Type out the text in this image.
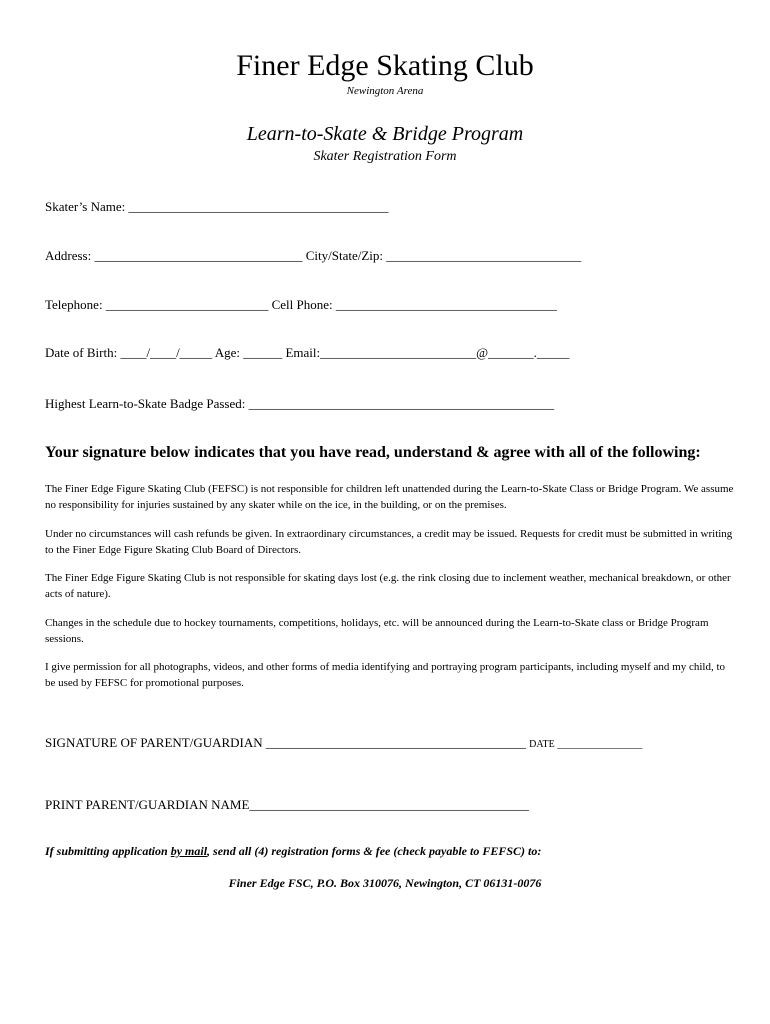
Finer Edge Skating Club
Newington Arena
Learn-to-Skate & Bridge Program
Skater Registration Form
Skater’s Name: ________________________________________
Address: ________________________________ City/State/Zip: ______________________________
Telephone: _________________________ Cell Phone: __________________________________
Date of Birth: ____/____/_____ Age: ______ Email:________________________@_______._____
Highest Learn-to-Skate Badge Passed: _______________________________________________
Your signature below indicates that you have read, understand & agree with all of the following:
The Finer Edge Figure Skating Club (FEFSC) is not responsible for children left unattended during the Learn-to-Skate Class or Bridge Program. We assume no responsibility for injuries sustained by any skater while on the ice, in the building, or on the premises.
Under no circumstances will cash refunds be given. In extraordinary circumstances, a credit may be issued. Requests for credit must be submitted in writing to the Finer Edge Figure Skating Club Board of Directors.
The Finer Edge Figure Skating Club is not responsible for skating days lost (e.g. the rink closing due to inclement weather, mechanical breakdown, or other acts of nature).
Changes in the schedule due to hockey tournaments, competitions, holidays, etc. will be announced during the Learn-to-Skate class or Bridge Program sessions.
I give permission for all photographs, videos, and other forms of media identifying and portraying program participants, including myself and my child, to be used by FEFSC for promotional purposes.
SIGNATURE OF PARENT/GUARDIAN ________________________________________ DATE _________________
PRINT PARENT/GUARDIAN NAME___________________________________________
If submitting application by mail, send all (4) registration forms & fee (check payable to FEFSC) to:
Finer Edge FSC, P.O. Box 310076, Newington, CT 06131-0076
